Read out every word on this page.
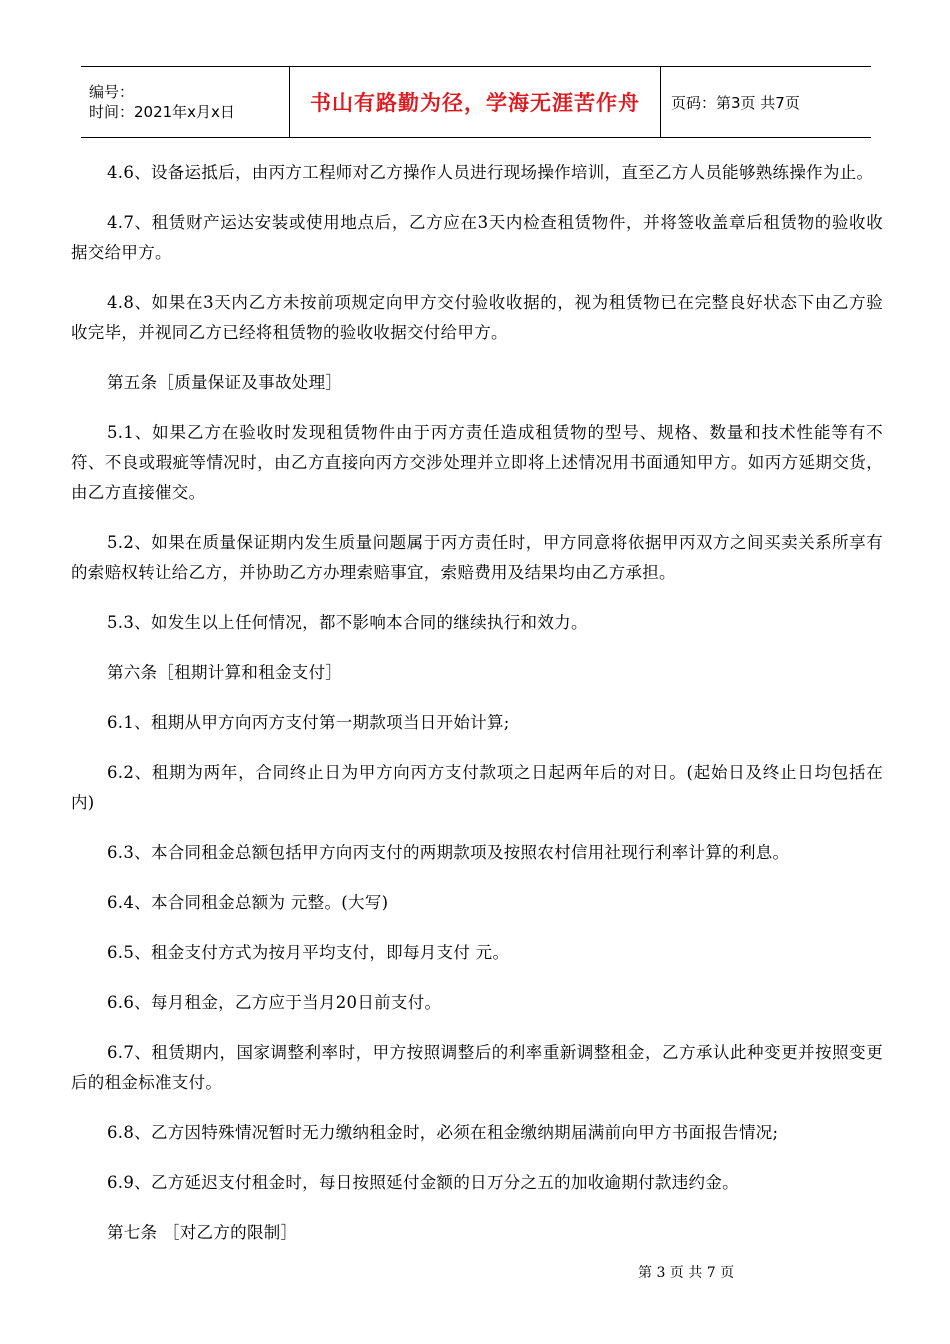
编号：
时间：2021年x月x日	书山有路勤为径，学海无涯苦作舟	页码：第3页 共7页

4.6、设备运抵后，由丙方工程师对乙方操作人员进行现场操作培训，直至乙方人员能够熟练操作为止。

4.7、租赁财产运达安装或使用地点后，乙方应在3天内检查租赁物件，并将签收盖章后租赁物的验收收据交给甲方。

4.8、如果在3天内乙方未按前项规定向甲方交付验收收据的，视为租赁物已在完整良好状态下由乙方验收完毕，并视同乙方已经将租赁物的验收收据交付给甲方。

第五条［质量保证及事故处理］

5.1、如果乙方在验收时发现租赁物件由于丙方责任造成租赁物的型号、规格、数量和技术性能等有不符、不良或瑕疵等情况时，由乙方直接向丙方交涉处理并立即将上述情况用书面通知甲方。如丙方延期交货，由乙方直接催交。

5.2、如果在质量保证期内发生质量问题属于丙方责任时，甲方同意将依据甲丙双方之间买卖关系所享有的索赔权转让给乙方，并协助乙方办理索赔事宜，索赔费用及结果均由乙方承担。

5.3、如发生以上任何情况，都不影响本合同的继续执行和效力。

第六条［租期计算和租金支付］

6.1、租期从甲方向丙方支付第一期款项当日开始计算;

6.2、租期为两年，合同终止日为甲方向丙方支付款项之日起两年后的对日。(起始日及终止日均包括在内)

6.3、本合同租金总额包括甲方向丙支付的两期款项及按照农村信用社现行利率计算的利息。

6.4、本合同租金总额为 元整。(大写)

6.5、租金支付方式为按月平均支付，即每月支付 元。

6.6、每月租金，乙方应于当月20日前支付。

6.7、租赁期内，国家调整利率时，甲方按照调整后的利率重新调整租金，乙方承认此种变更并按照变更后的租金标准支付。

6.8、乙方因特殊情况暂时无力缴纳租金时，必须在租金缴纳期届满前向甲方书面报告情况;

6.9、乙方延迟支付租金时，每日按照延付金额的日万分之五的加收逾期付款违约金。

第七条 ［对乙方的限制］

第 3 页 共 7 页
